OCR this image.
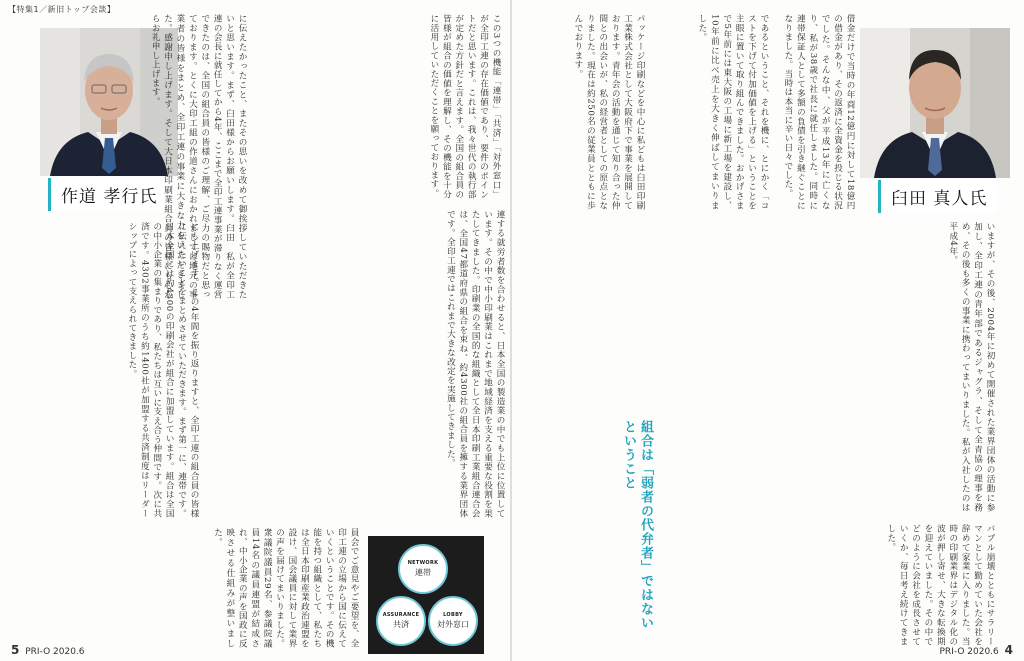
【特集1／新旧トップ会談】
作道 孝行氏	に伝えたかったこと、またその思いを改めて御挨拶していただきたいと思います。まず、臼田様からお願いします。臼田　私が全印工連の会長に就任してから4年、ここまで全印工連事業が滞りなく運営できたのは、全国の組合員の皆様のご理解、ご尽力の賜物だと思っております。とくに大印工組の作道さんにおかれましては地元の事業者の皆様をまとめ、全印工連の事業に大きな力をいただきました。感謝申し上げます。そして大日本印刷業組合員の皆様にも心からお礼申し上げます。
にも上げます。この4年間を振り返りますと、全印工連の組合員の皆様に伝えたいことをまとめさせていただきます。まず第一に、連帯です。日本全国には約4300の印刷会社が組合に加盟しています。組合は全国の中小企業の集まりであり、私たちは互いに支え合う仲間です。次に共済です。4302事業所のうち約1400社が加盟する共済制度はリーダーシップによって支えられてきました。	連する就労者数を合わせると、日本全国の製造業の中でも上位に位置しています。その中で中小印刷業はこれまで地域経済を支える重要な役割を果たしてきました。印刷業の全国的な組織として全日本印刷工業組合連合会は、全国47都道府県の組合を束ね、約4300社の組合員を擁する業界団体です。全印工連ではこれまで大きな改定を実施してきました。
員会でご意見やご要望を、全印工連の立場から国に伝えていくということです。その機能を持つ組織として、私たちは全日本印刷産業政治連盟を設け、国会議員に対して業界の声を届けてまいりました。衆議院議員29名、参議院議員14名の議員連盟が結成され、中小企業の声を国政に反映させる仕組みが整いました。
この3つの機能「連帯」「共済」「対外窓口」が全印工連の存在価値であり、要件のポイントだと思います。これは、我々世代の執行部が定めた方針だと言えます。全国の組合員の皆様が組合の価値を理解し、その機能を十分に活用していただくことを願っております。
NETWORK
連帯
ASSURANCE
共済
LOBBY
対外窓口
5 PRI-O 2020.6
臼田 真人氏
借金だけで当時の年商12億円に対して18億円の借金があり、その返済に全資金を投じる状況でした。そんな中、父が平成13年に亡くなり、私が38歳で社長に就任しました。同時に連帯保証人として多額の負債を引き継ぐことになりました。当時は本当に辛い日々でした。
であるということ、それを機に、とにかく「コストを下げて付加価値を上げる」ということを主眼に置いて取り組んできました。おかげさまで5年前には東大阪の工場に新工場を建設し、10年前に比べ売上を大きく伸ばしてまいりました。
パッケージ印刷などを中心に私どもは臼田印刷工業株式会社として大阪府下で事業を展開しております。青年会の活動を通じて知り合った仲間との出会いが、私の経営者としての原点となりました。現在は約250名の従業員とともに歩んでおります。
いますが、その後、2004年に初めて開催された業界団体の活動に参加し、全印工連の青年部であるジャグラ、そして全青協の理事を務め、その後も多くの事業に携わってまいりました。私が入社したのは平成4年。
バブル崩壊とともにサラリーマンとして勤めていた会社を辞めて家業に入りました。当時の印刷業界はデジタル化の波が押し寄せ、大きな転換期を迎えていました。その中でどのように会社を成長させていくか、毎日考え続けてきました。
組合は「弱者の代弁者」ではないということ
PRI-O 2020.6 4
